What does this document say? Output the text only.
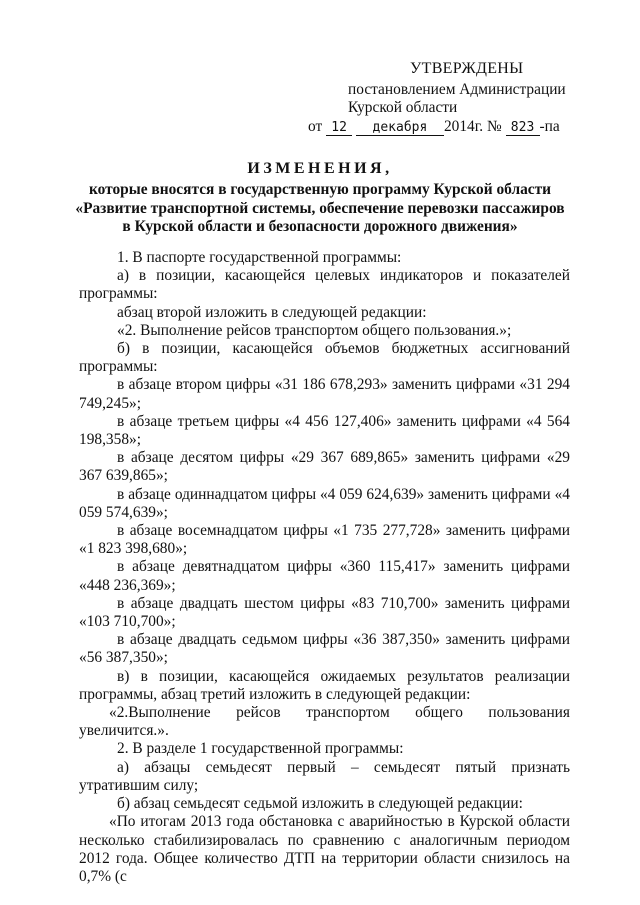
УТВЕРЖДЕНЫ
постановлением Администрации
Курской области
от 12 декабря 2014г. № 823 -па
ИЗМЕНЕНИЯ,
которые вносятся в государственную программу Курской области
«Развитие транспортной системы, обеспечение перевозки пассажиров
в Курской области и безопасности дорожного движения»

1. В паспорте государственной программы:

а) в позиции, касающейся целевых индикаторов и показателей программы:

абзац второй изложить в следующей редакции:

«2. Выполнение рейсов транспортом общего пользования.»;

б) в позиции, касающейся объемов бюджетных ассигнований программы:

в абзаце втором цифры «31 186 678,293» заменить цифрами «31 294 749,245»;

в абзаце третьем цифры «4 456 127,406» заменить цифрами «4 564 198,358»;

в абзаце десятом цифры «29 367 689,865» заменить цифрами «29 367 639,865»;

в абзаце одиннадцатом цифры «4 059 624,639» заменить цифрами «4 059 574,639»;

в абзаце восемнадцатом цифры «1 735 277,728» заменить цифрами «1 823 398,680»;

в абзаце девятнадцатом цифры «360 115,417» заменить цифрами «448 236,369»;

в абзаце двадцать шестом цифры «83 710,700» заменить цифрами «103 710,700»;

в абзаце двадцать седьмом цифры «36 387,350» заменить цифрами «56 387,350»;

в) в позиции, касающейся ожидаемых результатов реализации программы, абзац третий изложить в следующей редакции:

«2.Выполнение рейсов транспортом общего пользования увеличится.».

2. В разделе 1 государственной программы:

а) абзацы семьдесят первый – семьдесят пятый признать утратившим силу;

б) абзац семьдесят седьмой изложить в следующей редакции:

«По итогам 2013 года обстановка с аварийностью в Курской области несколько стабилизировалась по сравнению с аналогичным периодом 2012 года. Общее количество ДТП на территории области снизилось на 0,7% (с
